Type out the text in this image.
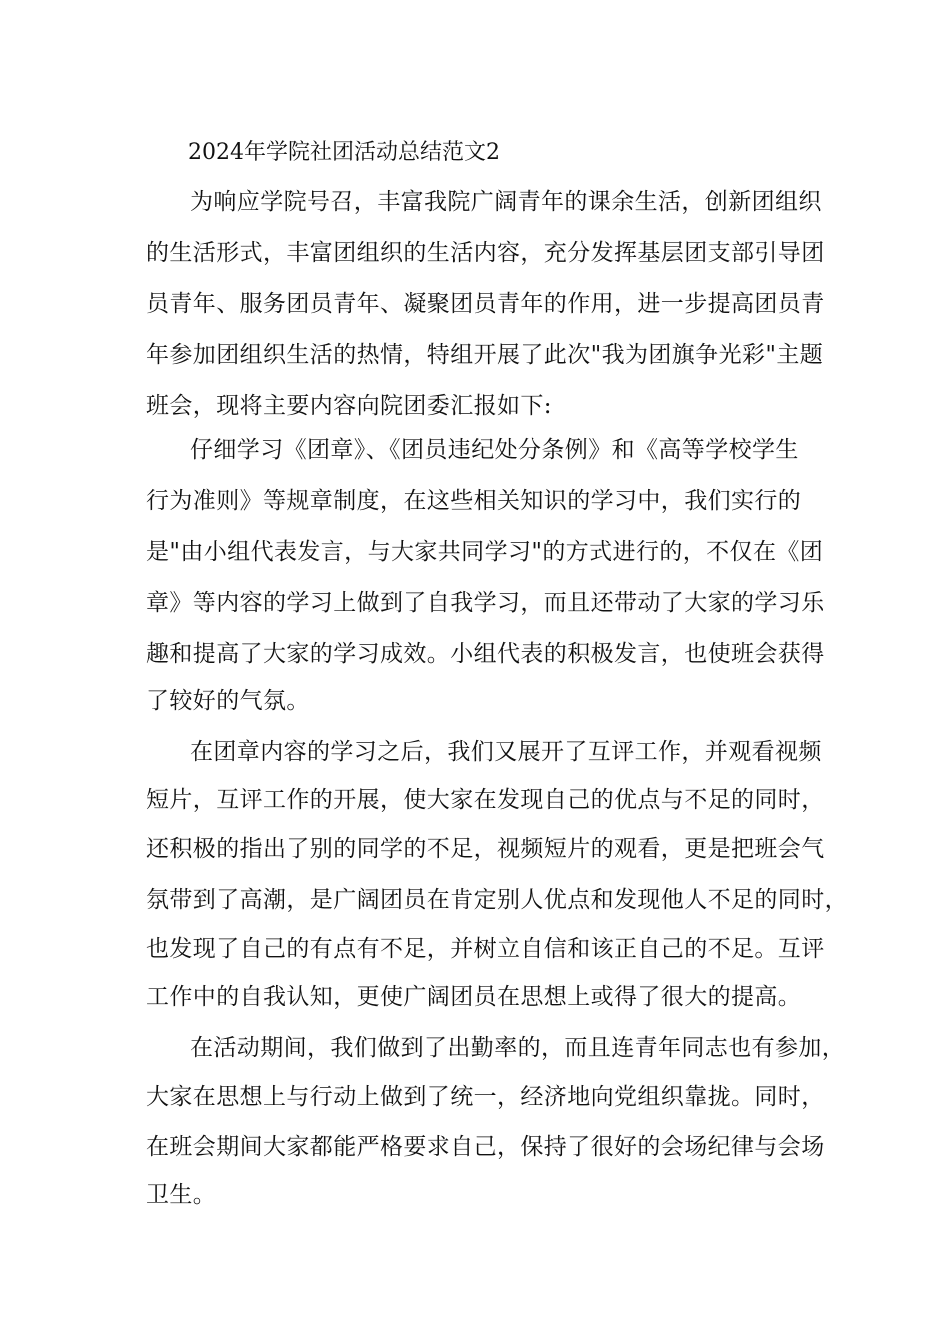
2024年学院社团活动总结范文2
为响应学院号召，丰富我院广阔青年的课余生活，创新团组织
的生活形式，丰富团组织的生活内容，充分发挥基层团支部引导团
员青年、服务团员青年、凝聚团员青年的作用，进一步提高团员青
年参加团组织生活的热情，特组开展了此次"我为团旗争光彩"主题
班会，现将主要内容向院团委汇报如下:
仔细学习《团章》、《团员违纪处分条例》和《高等学校学生
行为准则》等规章制度，在这些相关知识的学习中，我们实行的
是"由小组代表发言，与大家共同学习"的方式进行的，不仅在《团
章》等内容的学习上做到了自我学习，而且还带动了大家的学习乐
趣和提高了大家的学习成效。小组代表的积极发言，也使班会获得
了较好的气氛。
在团章内容的学习之后，我们又展开了互评工作，并观看视频
短片，互评工作的开展，使大家在发现自己的优点与不足的同时，
还积极的指出了别的同学的不足，视频短片的观看，更是把班会气
氛带到了高潮，是广阔团员在肯定别人优点和发现他人不足的同时，
也发现了自己的有点有不足，并树立自信和该正自己的不足。互评
工作中的自我认知，更使广阔团员在思想上或得了很大的提高。
在活动期间，我们做到了出勤率的，而且连青年同志也有参加，
大家在思想上与行动上做到了统一，经济地向党组织靠拢。同时，
在班会期间大家都能严格要求自己，保持了很好的会场纪律与会场
卫生。
